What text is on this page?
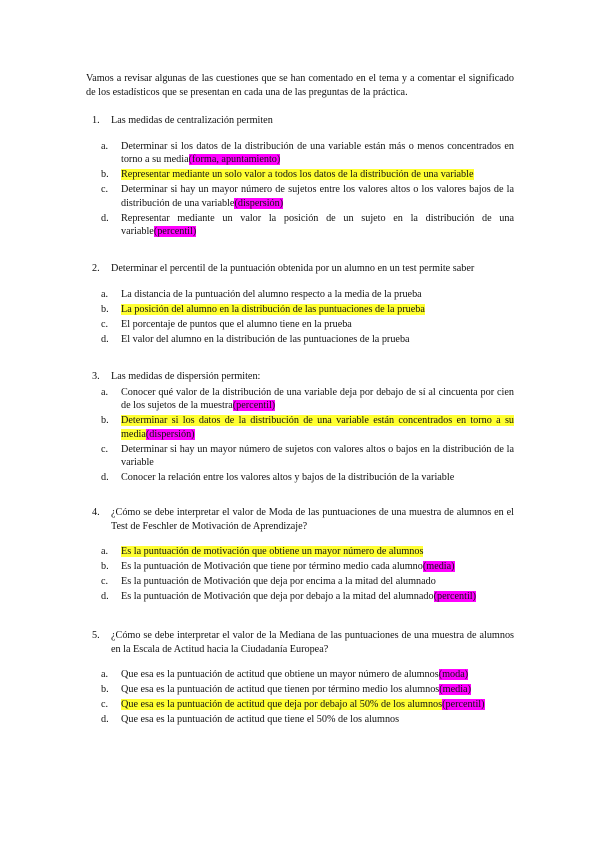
Vamos a revisar algunas de las cuestiones que se han comentado en el tema y a comentar el significado de los estadísticos que se presentan en cada una de las preguntas de la práctica.

1.	Las medidas de centralización permiten
a. Determinar si los datos de la distribución de una variable están más o menos concentrados en torno a su media(forma, apuntamiento)
b. Representar mediante un solo valor a todos los datos de la distribución de una variable
c. Determinar si hay un mayor número de sujetos entre los valores altos o los valores bajos de la distribución de una variable(dispersión)
d. Representar mediante un valor la posición de un sujeto en la distribución de una variable(percentil)
2.	Determinar el percentil de la puntuación obtenida por un alumno en un test permite saber
a. La distancia de la puntuación del alumno respecto a la media de la prueba
b. La posición del alumno en la distribución de las puntuaciones de la prueba
c. El porcentaje de puntos que el alumno tiene en la prueba
d. El valor del alumno en la distribución de las puntuaciones de la prueba
3.	Las medidas de dispersión permiten:
a. Conocer qué valor de la distribución de una variable deja por debajo de sí al cincuenta por cien de los sujetos de la muestra(percentil)
b. Determinar si los datos de la distribución de una variable están concentrados en torno a su media(dispersión)
c. Determinar si hay un mayor número de sujetos con valores altos o bajos en la distribución de la variable
d. Conocer la relación entre los valores altos y bajos de la distribución de la variable
4.	¿Cómo se debe interpretar el valor de Moda de las puntuaciones de una muestra de alumnos en el Test de Feschler de Motivación de Aprendizaje?
a. Es la puntuación de motivación que obtiene un mayor número de alumnos
b. Es la puntuación de Motivación que tiene por término medio cada alumno(media)
c. Es la puntuación de Motivación que deja por encima a la mitad del alumnado
d. Es la puntuación de Motivación que deja por debajo a la mitad del alumnado(percentil)
5.	¿Cómo se debe interpretar el valor de la Mediana de las puntuaciones de una muestra de alumnos en la Escala de Actitud hacia la Ciudadanía Europea?
a. Que esa es la puntuación de actitud que obtiene un mayor número de alumnos(moda)
b. Que esa es la puntuación de actitud que tienen por término medio los alumnos(media)
c. Que esa es la puntuación de actitud que deja por debajo al 50% de los alumnos(percentil)
d. Que esa es la puntuación de actitud que tiene el 50% de los alumnos
